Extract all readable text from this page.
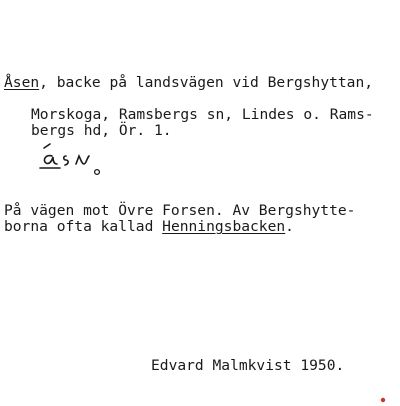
Åsen, backe på landsvägen vid Bergshyttan,
Morskoga, Ramsbergs sn, Lindes o. Rams-
bergs hd, Ör. 1.
På vägen mot Övre Forsen. Av Bergshytte-
borna ofta kallad Henningsbacken.
Edvard Malmkvist 1950.
